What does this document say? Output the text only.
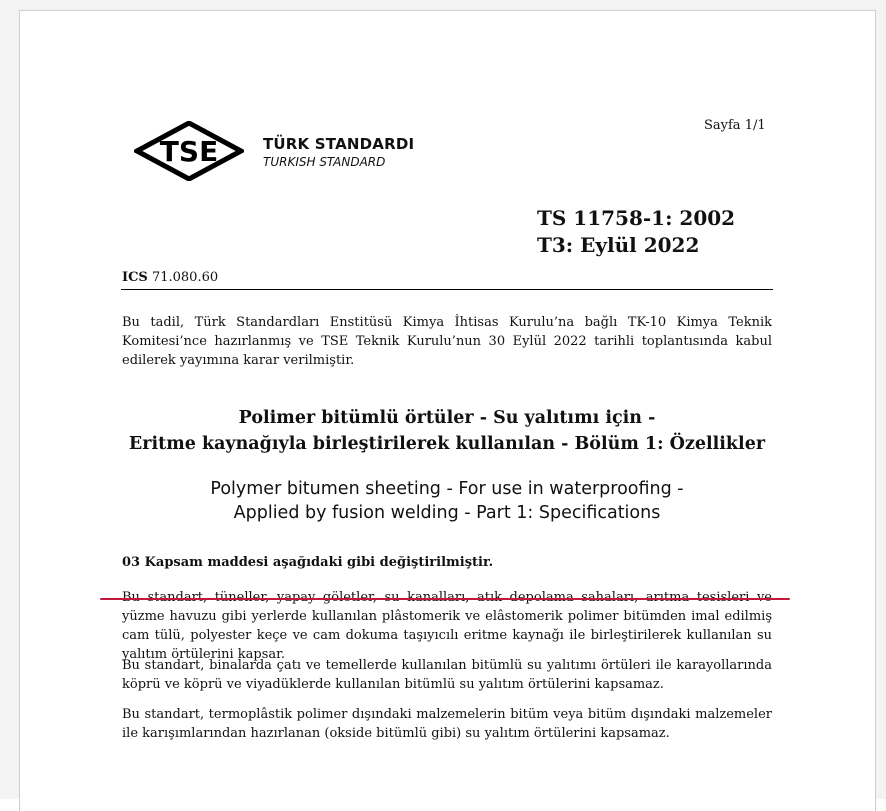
Sayfa 1/1
TSE	TÜRK STANDARDI
TURKISH STANDARD
TS 11758-1: 2002
T3: Eylül 2022
ICS 71.080.60
Bu tadil, Türk Standardları Enstitüsü Kimya İhtisas Kurulu’na bağlı TK-10 Kimya Teknik Komitesi’nce hazırlanmış ve TSE Teknik Kurulu’nun 30 Eylül 2022 tarihli toplantısında kabul edilerek yayımına karar verilmiştir.
Polimer bitümlü örtüler - Su yalıtımı için -
Eritme kaynağıyla birleştirilerek kullanılan - Bölüm 1: Özellikler
Polymer bitumen sheeting - For use in waterproofing -
Applied by fusion welding - Part 1: Specifications
03 Kapsam maddesi aşağıdaki gibi değiştirilmiştir.
yüzme havuzu gibi yerlerde kullanılan plâstomerik ve elâstomerik polimer bitümden imal edilmiş cam tülü, polyester keçe ve cam dokuma taşıyıcılı eritme kaynağı ile birleştirilerek kullanılan su yalıtım örtülerini kapsar.
Bu standart, binalarda çatı ve temellerde kullanılan bitümlü su yalıtımı örtüleri ile karayollarında köprü ve köprü ve viyadüklerde kullanılan bitümlü su yalıtım örtülerini kapsamaz.
Bu standart, termoplâstik polimer dışındaki malzemelerin bitüm veya bitüm dışındaki malzemeler ile karışımlarından hazırlanan (okside bitümlü gibi) su yalıtım örtülerini kapsamaz.
